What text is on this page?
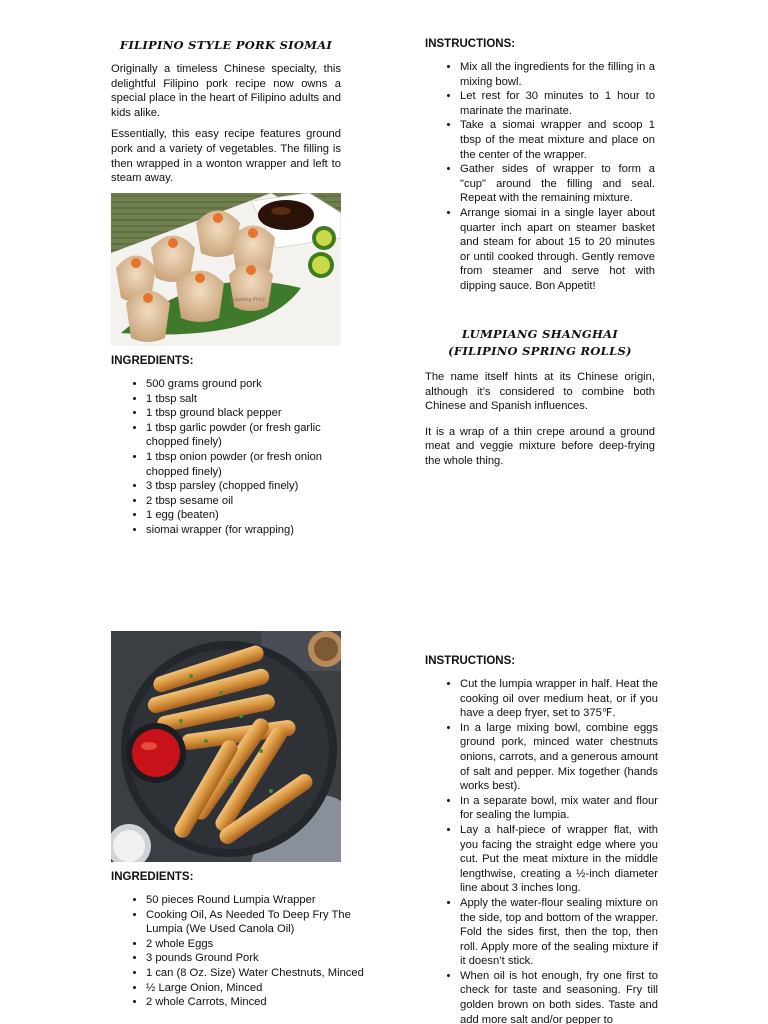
FILIPINO STYLE PORK SIOMAI

Originally a timeless Chinese specialty, this delightful Filipino pork recipe now owns a special place in the heart of Filipino adults and kids alike.

Essentially, this easy recipe features ground pork and a variety of vegetables. The filling is then wrapped in a wonton wrapper and left to steam away.

Kawaling Pinoy
INGREDIENTS:
• 500 grams ground pork
• 1 tbsp salt
• 1 tbsp ground black pepper
• 1 tbsp garlic powder (or fresh garlic chopped finely)
• 1 tbsp onion powder (or fresh onion chopped finely)
• 3 tbsp parsley (chopped finely)
• 2 tbsp sesame oil
• 1 egg (beaten)
• siomai wrapper (for wrapping)
INSTRUCTIONS:
• Mix all the ingredients for the filling in a mixing bowl.
• Let rest for 30 minutes to 1 hour to marinate the marinate.
• Take a siomai wrapper and scoop 1 tbsp of the meat mixture and place on the center of the wrapper.
• Gather sides of wrapper to form a "cup" around the filling and seal. Repeat with the remaining mixture.
• Arrange siomai in a single layer about quarter inch apart on steamer basket and steam for about 15 to 20 minutes or until cooked through. Gently remove from steamer and serve hot with dipping sauce. Bon Appetit!
LUMPIANG SHANGHAI
(FILIPINO SPRING ROLLS)

The name itself hints at its Chinese origin, although it’s considered to combine both Chinese and Spanish influences.

It is a wrap of a thin crepe around a ground meat and veggie mixture before deep-frying the whole thing.

INGREDIENTS:
• 50 pieces Round Lumpia Wrapper
• Cooking Oil, As Needed To Deep Fry The Lumpia (We Used Canola Oil)
• 2 whole Eggs
• 3 pounds Ground Pork
• 1 can (8 Oz. Size) Water Chestnuts, Minced
• ½ Large Onion, Minced
• 2 whole Carrots, Minced
INSTRUCTIONS:
• Cut the lumpia wrapper in half. Heat the cooking oil over medium heat, or if you have a deep fryer, set to 375℉.
• In a large mixing bowl, combine eggs ground pork, minced water chestnuts onions, carrots, and a generous amount of salt and pepper. Mix together (hands works best).
• In a separate bowl, mix water and flour for sealing the lumpia.
• Lay a half-piece of wrapper flat, with you facing the straight edge where you cut. Put the meat mixture in the middle lengthwise, creating a ½-inch diameter line about 3 inches long.
• Apply the water-flour sealing mixture on the side, top and bottom of the wrapper. Fold the sides first, then the top, then roll. Apply more of the sealing mixture if it doesn’t stick.
• When oil is hot enough, fry one first to check for taste and seasoning. Fry till golden brown on both sides. Taste and add more salt and/or pepper to
